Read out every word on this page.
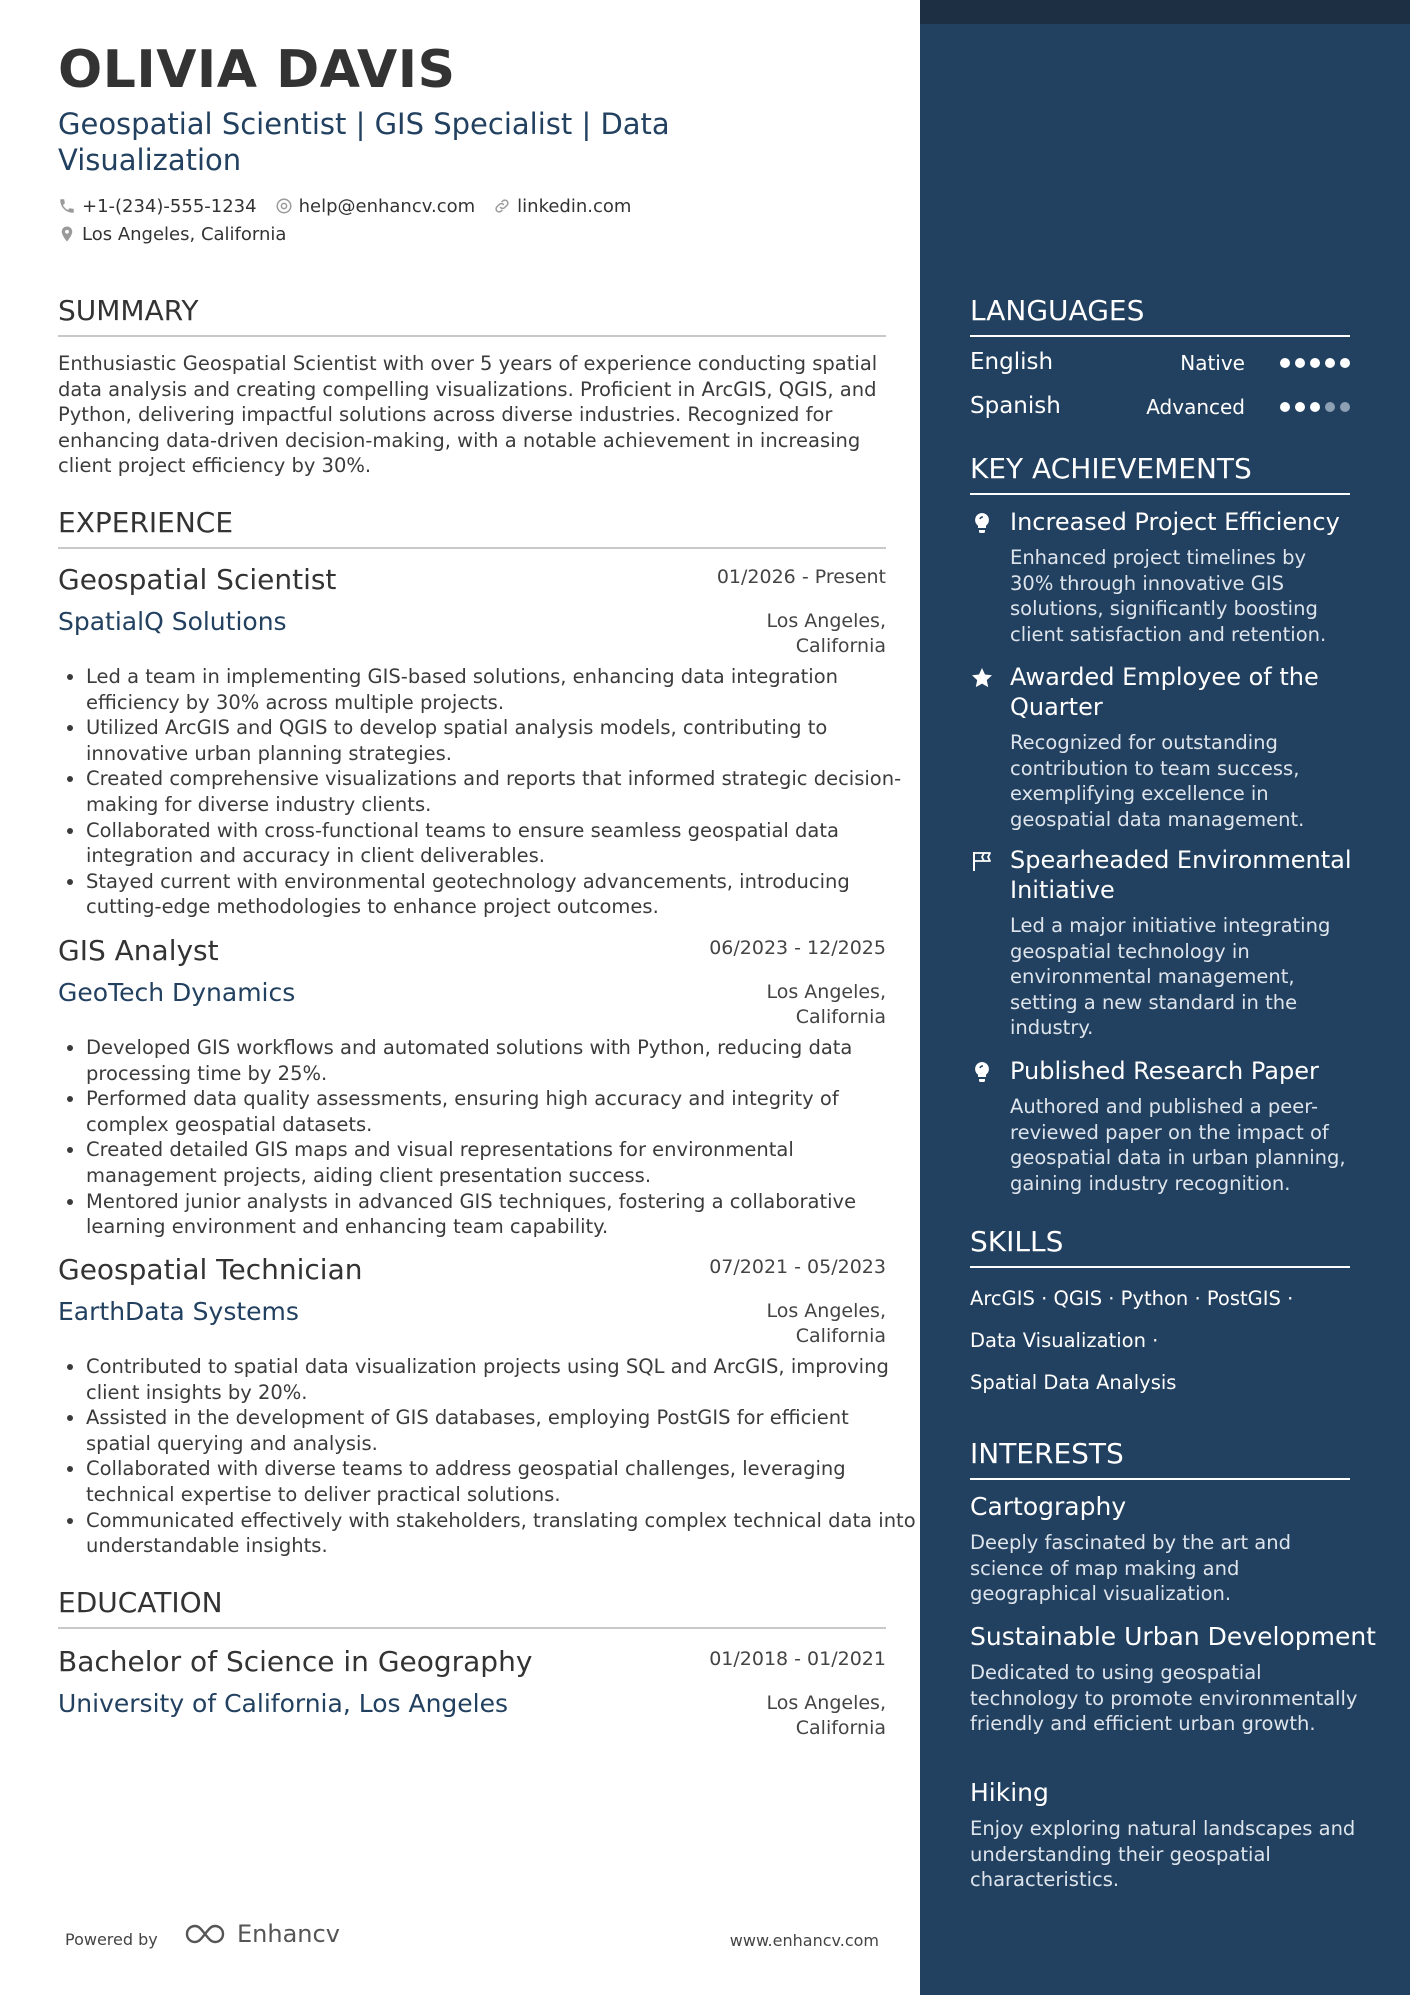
OLIVIA DAVIS
Geospatial Scientist | GIS Specialist | Data
Visualization
+1-(234)-555-1234 help@enhancv.com linkedin.com
Los Angeles, California
SUMMARY
Enthusiastic Geospatial Scientist with over 5 years of experience conducting spatial data analysis and creating compelling visualizations. Proficient in ArcGIS, QGIS, and Python, delivering impactful solutions across diverse industries. Recognized for enhancing data-driven decision-making, with a notable achievement in increasing client project efficiency by 30%.
EXPERIENCE
Geospatial Scientist	01/2026 - Present
SpatialQ Solutions	Los Angeles,
California
• Led a team in implementing GIS-based solutions, enhancing data integration efficiency by 30% across multiple projects.
• Utilized ArcGIS and QGIS to develop spatial analysis models, contributing to innovative urban planning strategies.
• Created comprehensive visualizations and reports that informed strategic decision-making for diverse industry clients.
• Collaborated with cross-functional teams to ensure seamless geospatial data integration and accuracy in client deliverables.
• Stayed current with environmental geotechnology advancements, introducing cutting-edge methodologies to enhance project outcomes.
GIS Analyst	06/2023 - 12/2025
GeoTech Dynamics	Los Angeles,
California
• Developed GIS workflows and automated solutions with Python, reducing data processing time by 25%.
• Performed data quality assessments, ensuring high accuracy and integrity of complex geospatial datasets.
• Created detailed GIS maps and visual representations for environmental management projects, aiding client presentation success.
• Mentored junior analysts in advanced GIS techniques, fostering a collaborative learning environment and enhancing team capability.
Geospatial Technician	07/2021 - 05/2023
EarthData Systems	Los Angeles,
California
• Contributed to spatial data visualization projects using SQL and ArcGIS, improving client insights by 20%.
• Assisted in the development of GIS databases, employing PostGIS for efficient spatial querying and analysis.
• Collaborated with diverse teams to address geospatial challenges, leveraging technical expertise to deliver practical solutions.
• Communicated effectively with stakeholders, translating complex technical data into understandable insights.
EDUCATION
Bachelor of Science in Geography	01/2018 - 01/2021
University of California, Los Angeles	Los Angeles,
California
Powered by	Enhancv	www.enhancv.com
LANGUAGES
English	Native
Spanish	Advanced
KEY ACHIEVEMENTS
Increased Project Efficiency
Enhanced project timelines by 30% through innovative GIS solutions, significantly boosting client satisfaction and retention.
Awarded Employee of the Quarter
Recognized for outstanding contribution to team success, exemplifying excellence in geospatial data management.
Spearheaded Environmental Initiative
Led a major initiative integrating geospatial technology in environmental management, setting a new standard in the industry.
Published Research Paper
Authored and published a peer-reviewed paper on the impact of geospatial data in urban planning, gaining industry recognition.
SKILLS
ArcGIS · QGIS · Python · PostGIS ·
Data Visualization ·
Spatial Data Analysis
INTERESTS
Cartography
Deeply fascinated by the art and science of map making and geographical visualization.
Sustainable Urban Development
Dedicated to using geospatial technology to promote environmentally friendly and efficient urban growth.
Hiking
Enjoy exploring natural landscapes and understanding their geospatial characteristics.
